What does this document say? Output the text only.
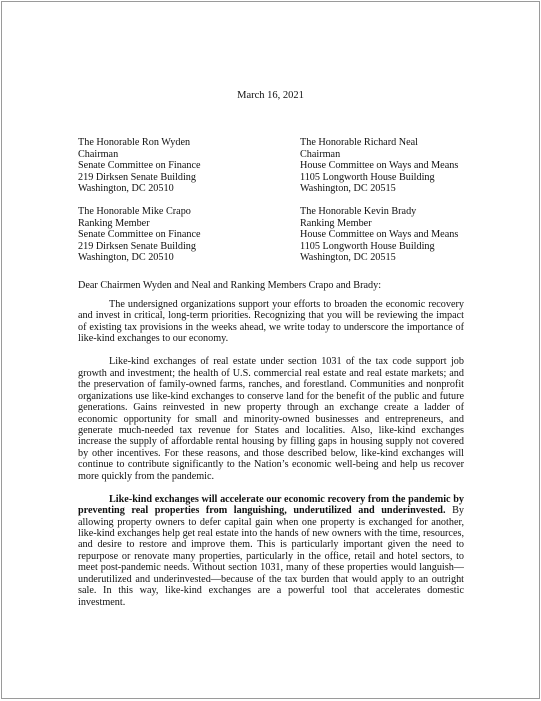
March 16, 2021
The Honorable Ron Wyden
Chairman
Senate Committee on Finance
219 Dirksen Senate Building
Washington, DC 20510
The Honorable Richard Neal
Chairman
House Committee on Ways and Means
1105 Longworth House Building
Washington, DC 20515
The Honorable Mike Crapo
Ranking Member
Senate Committee on Finance
219 Dirksen Senate Building
Washington, DC 20510
The Honorable Kevin Brady
Ranking Member
House Committee on Ways and Means
1105 Longworth House Building
Washington, DC 20515
Dear Chairmen Wyden and Neal and Ranking Members Crapo and Brady:

The undersigned organizations support your efforts to broaden the economic recovery and invest in critical, long-term priorities. Recognizing that you will be reviewing the impact of existing tax provisions in the weeks ahead, we write today to underscore the importance of like-kind exchanges to our economy.

Like-kind exchanges of real estate under section 1031 of the tax code support job growth and investment; the health of U.S. commercial real estate and real estate markets; and the preservation of family-owned farms, ranches, and forestland. Communities and nonprofit organizations use like-kind exchanges to conserve land for the benefit of the public and future generations. Gains reinvested in new property through an exchange create a ladder of economic opportunity for small and minority-owned businesses and entrepreneurs, and generate much-needed tax revenue for States and localities. Also, like-kind exchanges increase the supply of affordable rental housing by filling gaps in housing supply not covered by other incentives. For these reasons, and those described below, like-kind exchanges will continue to contribute significantly to the Nation’s economic well-being and help us recover more quickly from the pandemic.

Like-kind exchanges will accelerate our economic recovery from the pandemic by preventing real properties from languishing, underutilized and underinvested. By allowing property owners to defer capital gain when one property is exchanged for another, like-kind exchanges help get real estate into the hands of new owners with the time, resources, and desire to restore and improve them. This is particularly important given the need to repurpose or renovate many properties, particularly in the office, retail and hotel sectors, to meet post-pandemic needs. Without section 1031, many of these properties would languish—underutilized and underinvested—because of the tax burden that would apply to an outright sale. In this way, like-kind exchanges are a powerful tool that accelerates domestic investment.
